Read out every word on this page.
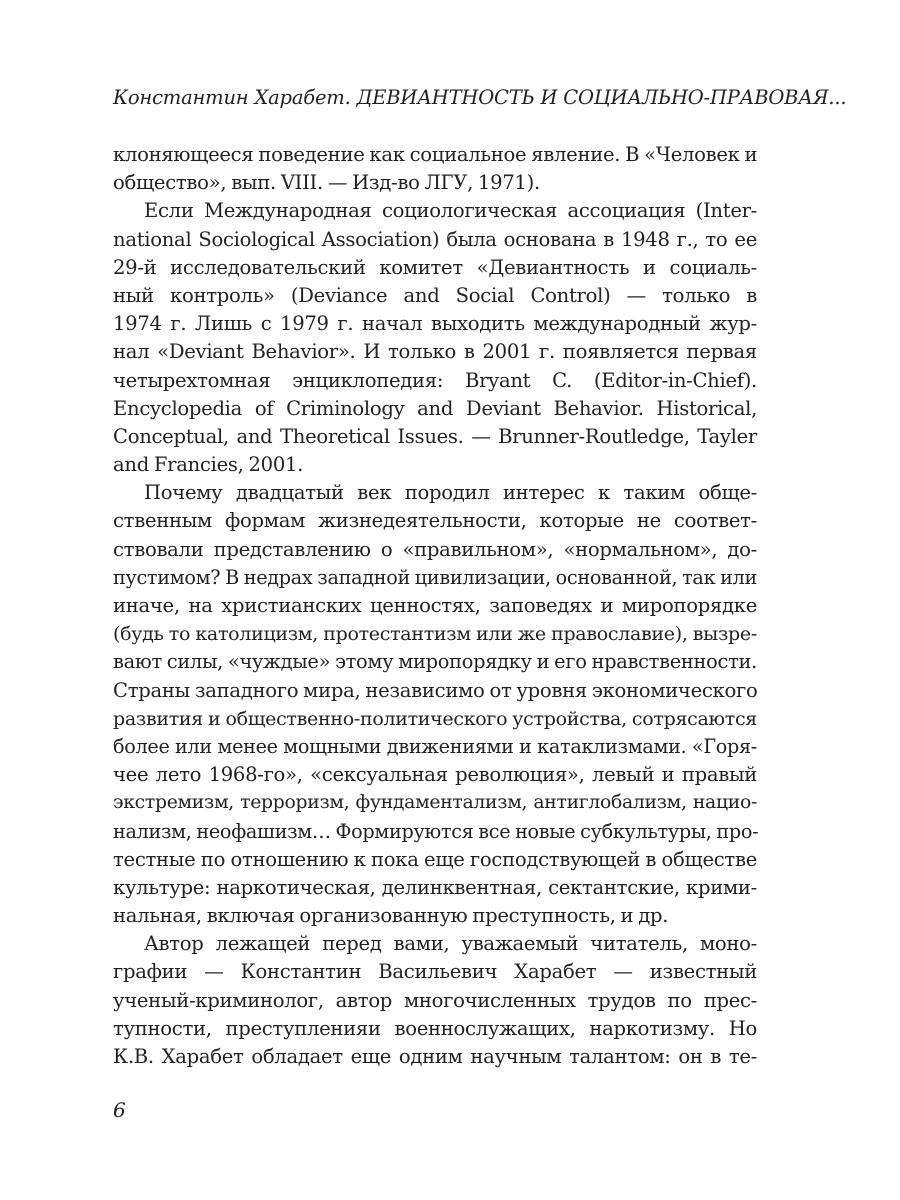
Константин Харабет. ДЕВИАНТНОСТЬ И СОЦИАЛЬНО-ПРАВОВАЯ...
клоняющееся поведение как социальное явление. В «Человек и
общество», вып. VIII. — Изд-во ЛГУ, 1971).
Если Международная социологическая ассоциация (Inter-
national Sociological Association) была основана в 1948 г., то ее
29-й исследовательский комитет «Девиантность и социаль-
ный контроль» (Deviance and Social Control) — только в
1974 г. Лишь с 1979 г. начал выходить международный жур-
нал «Deviant Behavior». И только в 2001 г. появляется первая
четырехтомная энциклопедия: Bryant C. (Editor-in-Chief).
Encyclopedia of Criminology and Deviant Behavior. Historical,
Conceptual, and Theoretical Issues. — Brunner-Routledge, Tayler
and Francies, 2001.
Почему двадцатый век породил интерес к таким обще-
ственным формам жизнедеятельности, которые не соответ-
ствовали представлению о «правильном», «нормальном», до-
пустимом? В недрах западной цивилизации, основанной, так или
иначе, на христианских ценностях, заповедях и миропорядке
(будь то католицизм, протестантизм или же православие), вызре-
вают силы, «чуждые» этому миропорядку и его нравственности.
Страны западного мира, независимо от уровня экономического
развития и общественно-политического устройства, сотрясаются
более или менее мощными движениями и катаклизмами. «Горя-
чее лето 1968-го», «сексуальная революция», левый и правый
экстремизм, терроризм, фундаментализм, антиглобализм, нацио-
нализм, неофашизм… Формируются все новые субкультуры, про-
тестные по отношению к пока еще господствующей в обществе
культуре: наркотическая, делинквентная, сектантские, крими-
нальная, включая организованную преступность, и др.
Автор лежащей перед вами, уважаемый читатель, моно-
графии — Константин Васильевич Харабет — известный
ученый-криминолог, автор многочисленных трудов по прес-
тупности, преступленияи военнослужащих, наркотизму. Но
К.В. Харабет обладает еще одним научным талантом: он в те-
6
